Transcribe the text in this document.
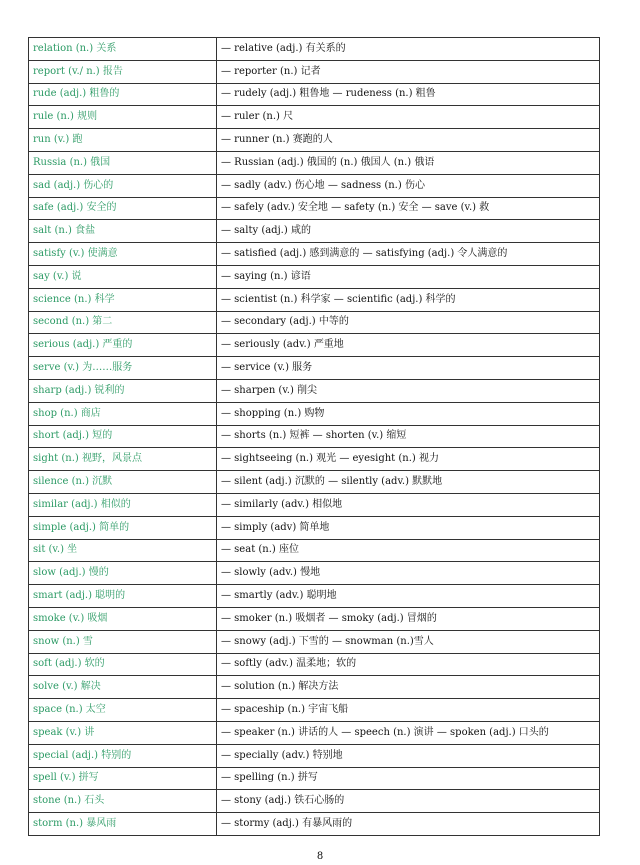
relation (n.) 关系	— relative (adj.) 有关系的
report (v./ n.) 报告	— reporter (n.) 记者
rude (adj.) 粗鲁的	— rudely (adj.) 粗鲁地 — rudeness (n.) 粗鲁
rule (n.) 规则	— ruler (n.) 尺
run (v.) 跑	— runner (n.) 赛跑的人
Russia (n.) 俄国	— Russian (adj.) 俄国的 (n.) 俄国人 (n.) 俄语
sad (adj.) 伤心的	— sadly (adv.) 伤心地 — sadness (n.) 伤心
safe (adj.) 安全的	— safely (adv.) 安全地 — safety (n.) 安全 — save (v.) 救
salt (n.) 食盐	— salty (adj.) 咸的
satisfy (v.) 使满意	— satisfied (adj.) 感到满意的 — satisfying (adj.) 令人满意的
say (v.) 说	— saying (n.) 谚语
science (n.) 科学	— scientist (n.) 科学家 — scientific (adj.) 科学的
second (n.) 第二	— secondary (adj.) 中等的
serious (adj.) 严重的	— seriously (adv.) 严重地
serve (v.) 为……服务	— service (v.) 服务
sharp (adj.) 锐利的	— sharpen (v.) 削尖
shop (n.) 商店	— shopping (n.) 购物
short (adj.) 短的	— shorts (n.) 短裤 — shorten (v.) 缩短
sight (n.) 视野，风景点	— sightseeing (n.) 观光 — eyesight (n.) 视力
silence (n.) 沉默	— silent (adj.) 沉默的 — silently (adv.) 默默地
similar (adj.) 相似的	— similarly (adv.) 相似地
simple (adj.) 简单的	— simply (adv) 简单地
sit (v.) 坐	— seat (n.) 座位
slow (adj.) 慢的	— slowly (adv.) 慢地
smart (adj.) 聪明的	— smartly (adv.) 聪明地
smoke (v.) 吸烟	— smoker (n.) 吸烟者 — smoky (adj.) 冒烟的
snow (n.) 雪	— snowy (adj.) 下雪的 — snowman (n.)雪人
soft (adj.) 软的	— softly (adv.) 温柔地；软的
solve (v.) 解决	— solution (n.) 解决方法
space (n.) 太空	— spaceship (n.) 宇宙飞船
speak (v.) 讲	— speaker (n.) 讲话的人 — speech (n.) 演讲 — spoken (adj.) 口头的
special (adj.) 特别的	— specially (adv.) 特别地
spell (v.) 拼写	— spelling (n.) 拼写
stone (n.) 石头	— stony (adj.) 铁石心肠的
storm (n.) 暴风雨	— stormy (adj.) 有暴风雨的
8
